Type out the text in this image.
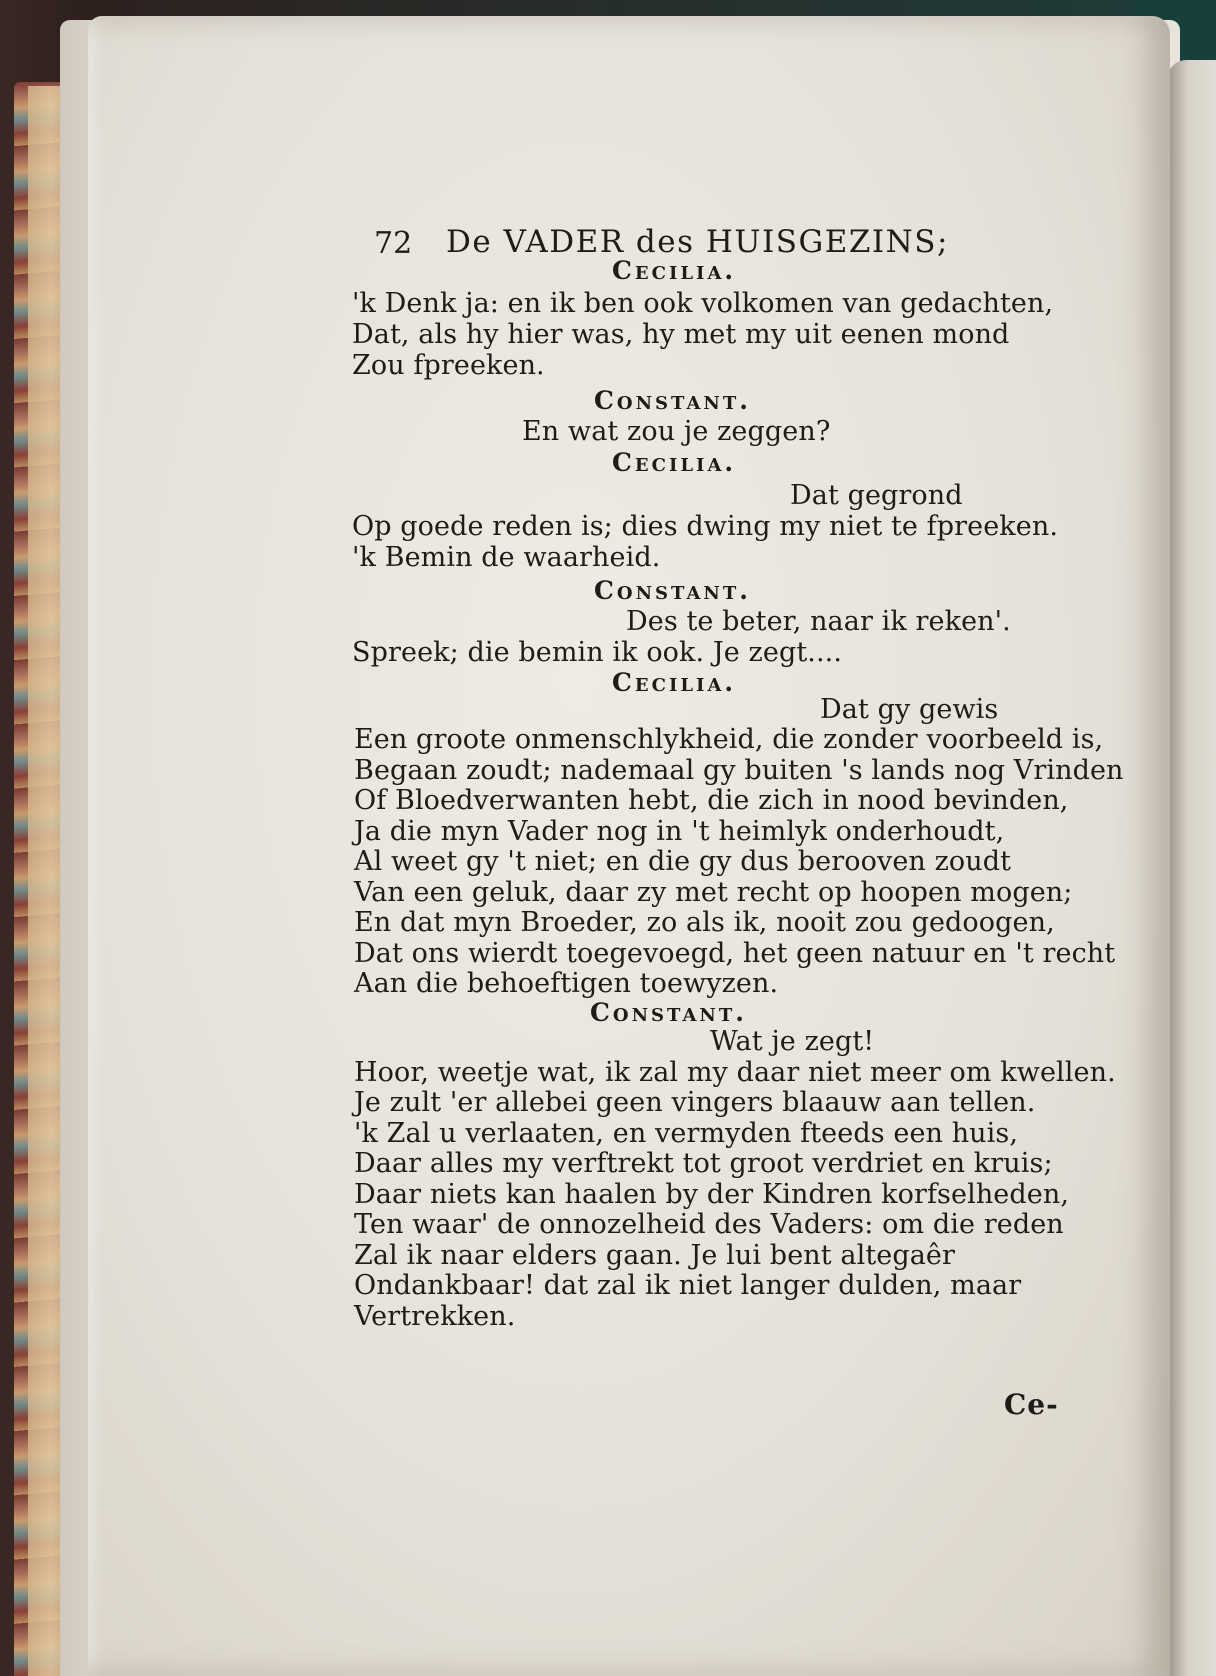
72 De VADER des HUISGEZINS;
Cecilia.
'k Denk ja: en ik ben ook volkomen van gedachten,
Dat, als hy hier was, hy met my uit eenen mond
Zou fpreeken.
Constant.
En wat zou je zeggen?
Cecilia.
Dat gegrond
Op goede reden is; dies dwing my niet te fpreeken.
'k Bemin de waarheid.
Constant.
Des te beter, naar ik reken'.
Spreek; die bemin ik ook. Je zegt....
Cecilia.
Dat gy gewis
Een groote onmenschlykheid, die zonder voorbeeld is,
Begaan zoudt; nademaal gy buiten 's lands nog Vrinden
Of Bloedverwanten hebt, die zich in nood bevinden,
Ja die myn Vader nog in 't heimlyk onderhoudt,
Al weet gy 't niet; en die gy dus berooven zoudt
Van een geluk, daar zy met recht op hoopen mogen;
En dat myn Broeder, zo als ik, nooit zou gedoogen,
Dat ons wierdt toegevoegd, het geen natuur en 't recht
Aan die behoeftigen toewyzen.
Constant.
Wat je zegt!
Hoor, weetje wat, ik zal my daar niet meer om kwellen.
Je zult 'er allebei geen vingers blaauw aan tellen.
'k Zal u verlaaten, en vermyden fteeds een huis,
Daar alles my verftrekt tot groot verdriet en kruis;
Daar niets kan haalen by der Kindren korfselheden,
Ten waar' de onnozelheid des Vaders: om die reden
Zal ik naar elders gaan. Je lui bent altegaêr
Ondankbaar! dat zal ik niet langer dulden, maar
Vertrekken.
Ce-
